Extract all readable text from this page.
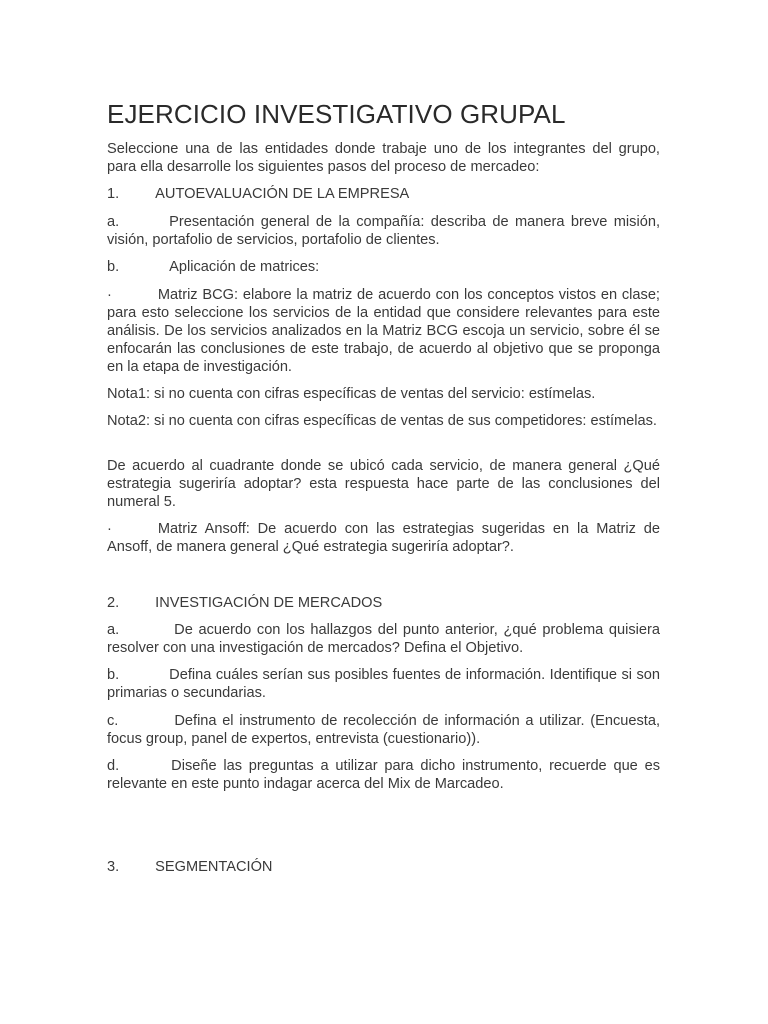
EJERCICIO INVESTIGATIVO GRUPAL

Seleccione una de las entidades donde trabaje uno de los integrantes del grupo, para ella desarrolle los siguientes pasos del proceso de mercadeo:

1. AUTOEVALUACIÓN DE LA EMPRESA

a.	Presentación general de la compañía: describa de manera breve misión, visión, portafolio de servicios, portafolio de clientes.

b.	Aplicación de matrices:

·	Matriz BCG: elabore la matriz de acuerdo con los conceptos vistos en clase; para esto seleccione los servicios de la entidad que considere relevantes para este análisis. De los servicios analizados en la Matriz BCG escoja un servicio, sobre él se enfocarán las conclusiones de este trabajo, de acuerdo al objetivo que se proponga en la etapa de investigación.

Nota1: si no cuenta con cifras específicas de ventas del servicio: estímelas.

Nota2: si no cuenta con cifras específicas de ventas de sus competidores: estímelas.

De acuerdo al cuadrante donde se ubicó cada servicio, de manera general ¿Qué estrategia sugeriría adoptar? esta respuesta hace parte de las conclusiones del numeral 5.

·	Matriz Ansoff: De acuerdo con las estrategias sugeridas en la Matriz de Ansoff, de manera general ¿Qué estrategia sugeriría adoptar?.

2. INVESTIGACIÓN DE MERCADOS

a.	De acuerdo con los hallazgos del punto anterior, ¿qué problema quisiera resolver con una investigación de mercados? Defina el Objetivo.

b.	Defina cuáles serían sus posibles fuentes de información. Identifique si son primarias o secundarias.

c.	Defina el instrumento de recolección de información a utilizar. (Encuesta, focus group, panel de expertos, entrevista (cuestionario)).

d.	Diseñe las preguntas a utilizar para dicho instrumento, recuerde que es relevante en este punto indagar acerca del Mix de Marcadeo.

3. SEGMENTACIÓN
